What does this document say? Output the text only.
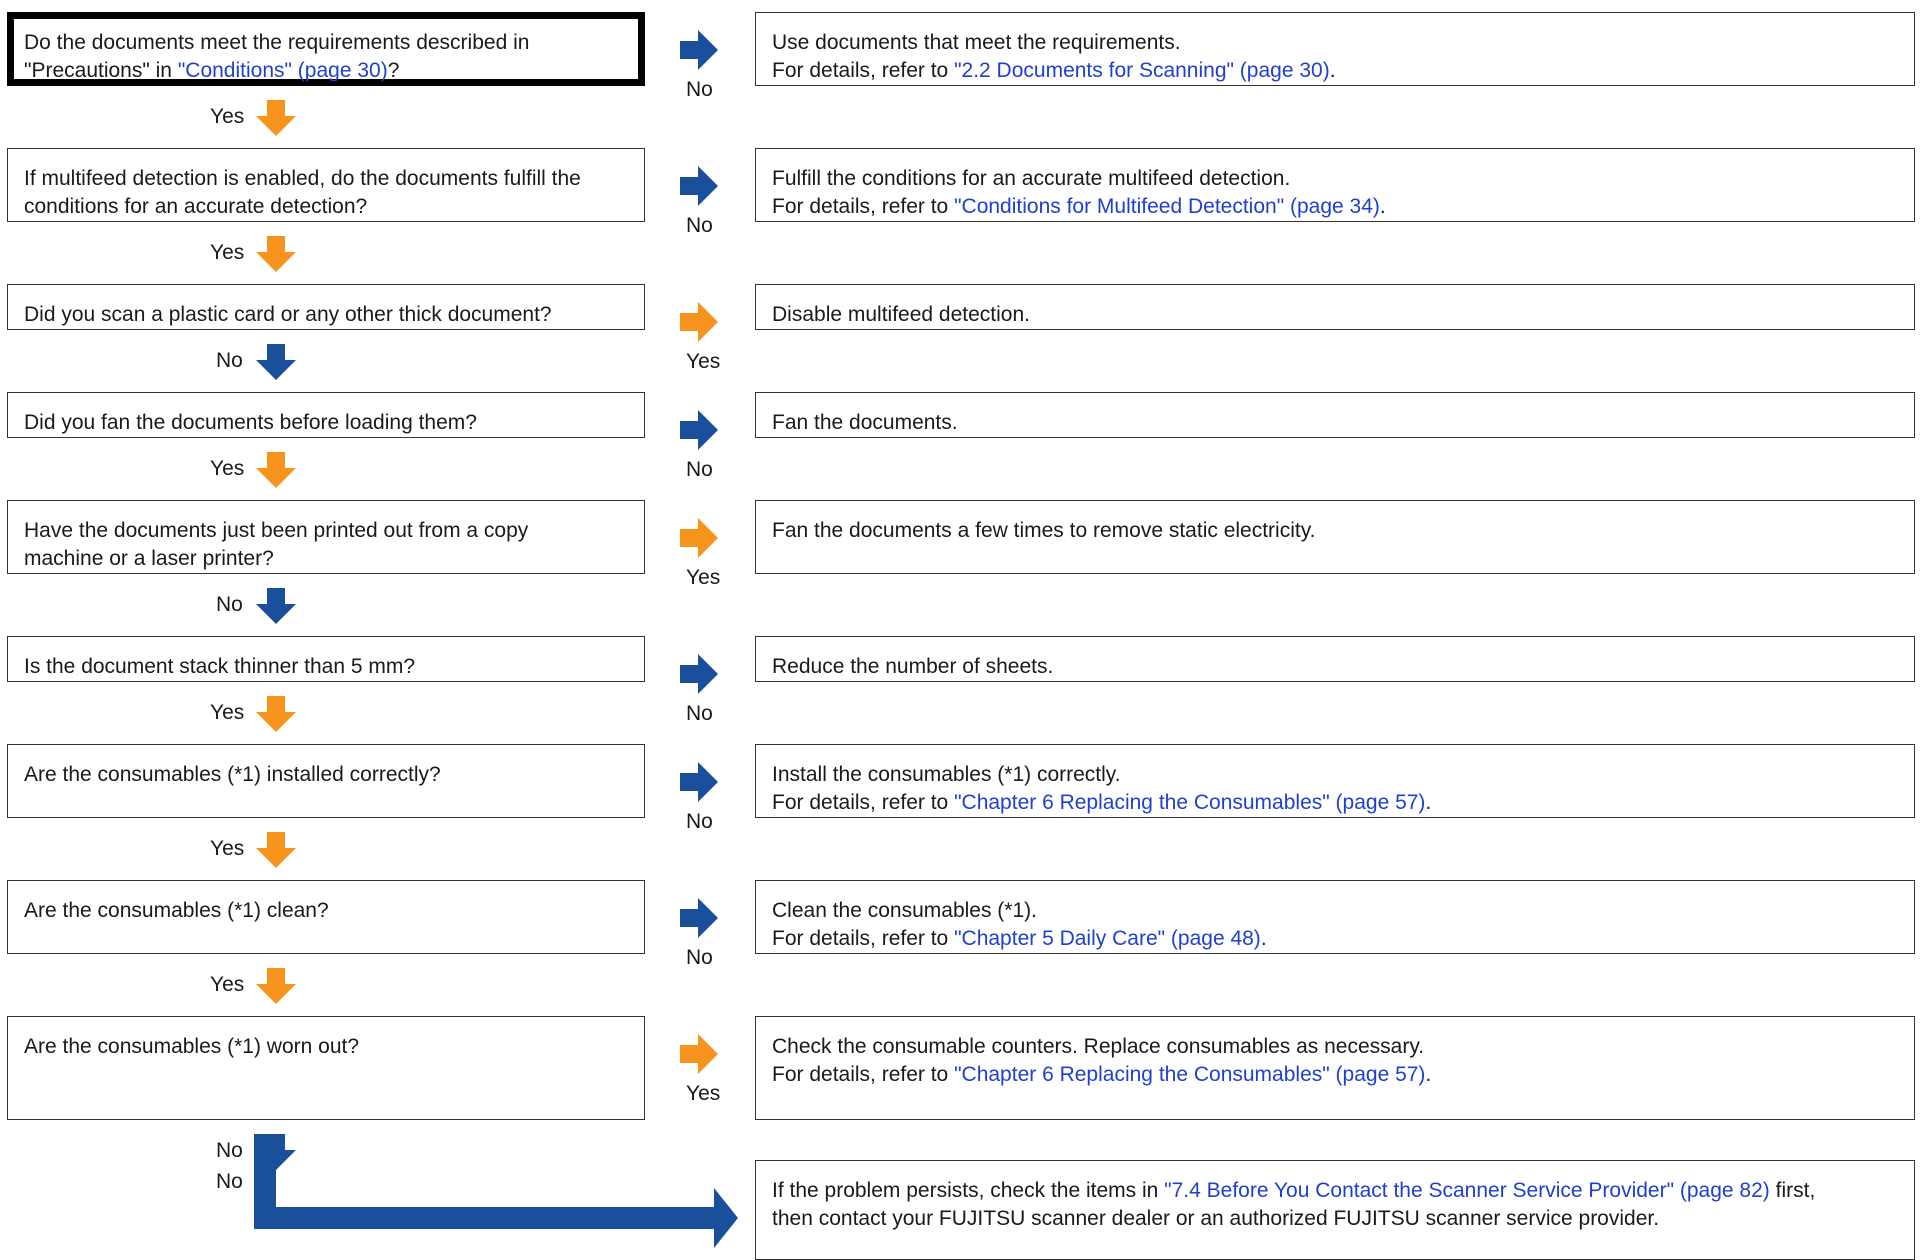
Do the documents meet the requirements described in
"Precautions" in "Conditions" (page 30)?
Use documents that meet the requirements.
For details, refer to "2.2 Documents for Scanning" (page 30).
No
Yes
If multifeed detection is enabled, do the documents fulfill the
conditions for an accurate detection?
Fulfill the conditions for an accurate multifeed detection.
For details, refer to "Conditions for Multifeed Detection" (page 34).
No
Yes
Did you scan a plastic card or any other thick document?	Disable multifeed detection.
Yes
No
Did you fan the documents before loading them?	Fan the documents.
No
Yes
Have the documents just been printed out from a copy
machine or a laser printer?
Fan the documents a few times to remove static electricity.
Yes
No
Is the document stack thinner than 5 mm?	Reduce the number of sheets.
No
Yes
Are the consumables (*1) installed correctly?	Install the consumables (*1) correctly.
For details, refer to "Chapter 6 Replacing the Consumables" (page 57).
No
Yes
Are the consumables (*1) clean?	Clean the consumables (*1).
For details, refer to "Chapter 5 Daily Care" (page 48).
No
Yes
Are the consumables (*1) worn out?	Check the consumable counters. Replace consumables as necessary.
For details, refer to "Chapter 6 Replacing the Consumables" (page 57).
Yes
No
No	If the problem persists, check the items in "7.4 Before You Contact the Scanner Service Provider" (page 82) first,
then contact your FUJITSU scanner dealer or an authorized FUJITSU scanner service provider.
